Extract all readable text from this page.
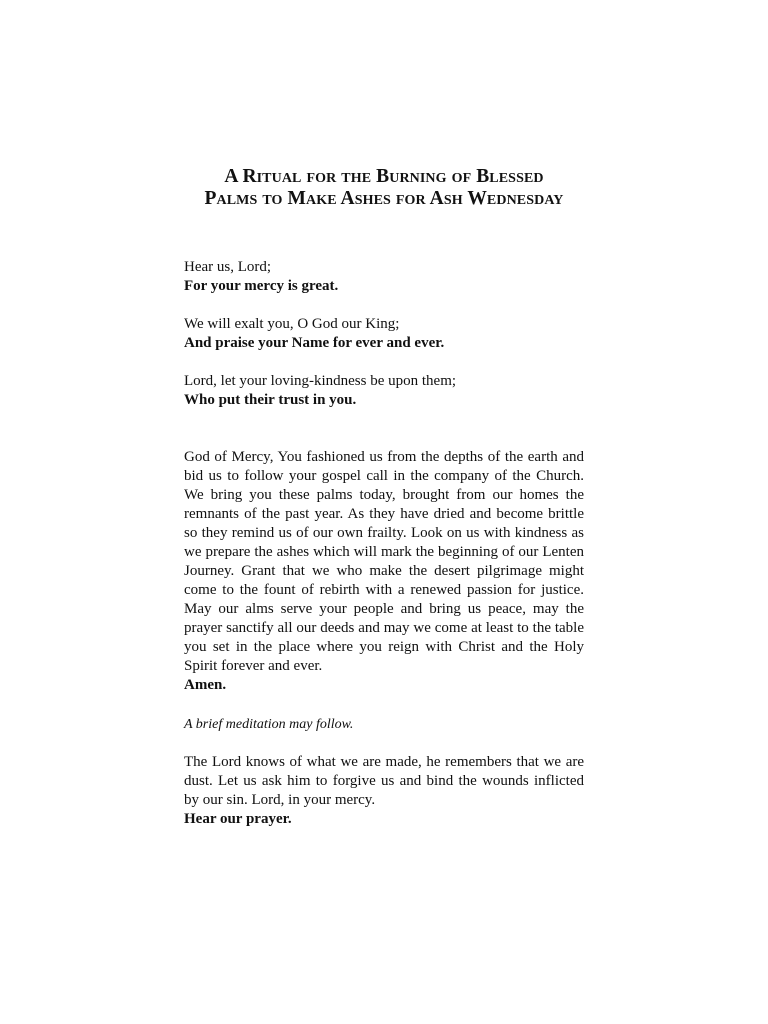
A Ritual for the Burning of Blessed
Palms to Make Ashes for Ash Wednesday
Hear us, Lord;
For your mercy is great.
We will exalt you, O God our King;
And praise your Name for ever and ever.
Lord, let your loving-kindness be upon them;
Who put their trust in you.
God of Mercy, You fashioned us from the depths of the earth and bid us to follow your gospel call in the company of the Church. We bring you these palms today, brought from our homes the remnants of the past year. As they have dried and become brittle so they remind us of our own frailty. Look on us with kindness as we prepare the ashes which will mark the beginning of our Lenten Journey. Grant that we who make the desert pilgrimage might come to the fount of rebirth with a renewed passion for justice. May our alms serve your people and bring us peace, may the prayer sanctify all our deeds and may we come at least to the table you set in the place where you reign with Christ and the Holy Spirit forever and ever.
Amen.
A brief meditation may follow.
The Lord knows of what we are made, he remembers that we are dust. Let us ask him to forgive us and bind the wounds inflicted by our sin. Lord, in your mercy.
Hear our prayer.
